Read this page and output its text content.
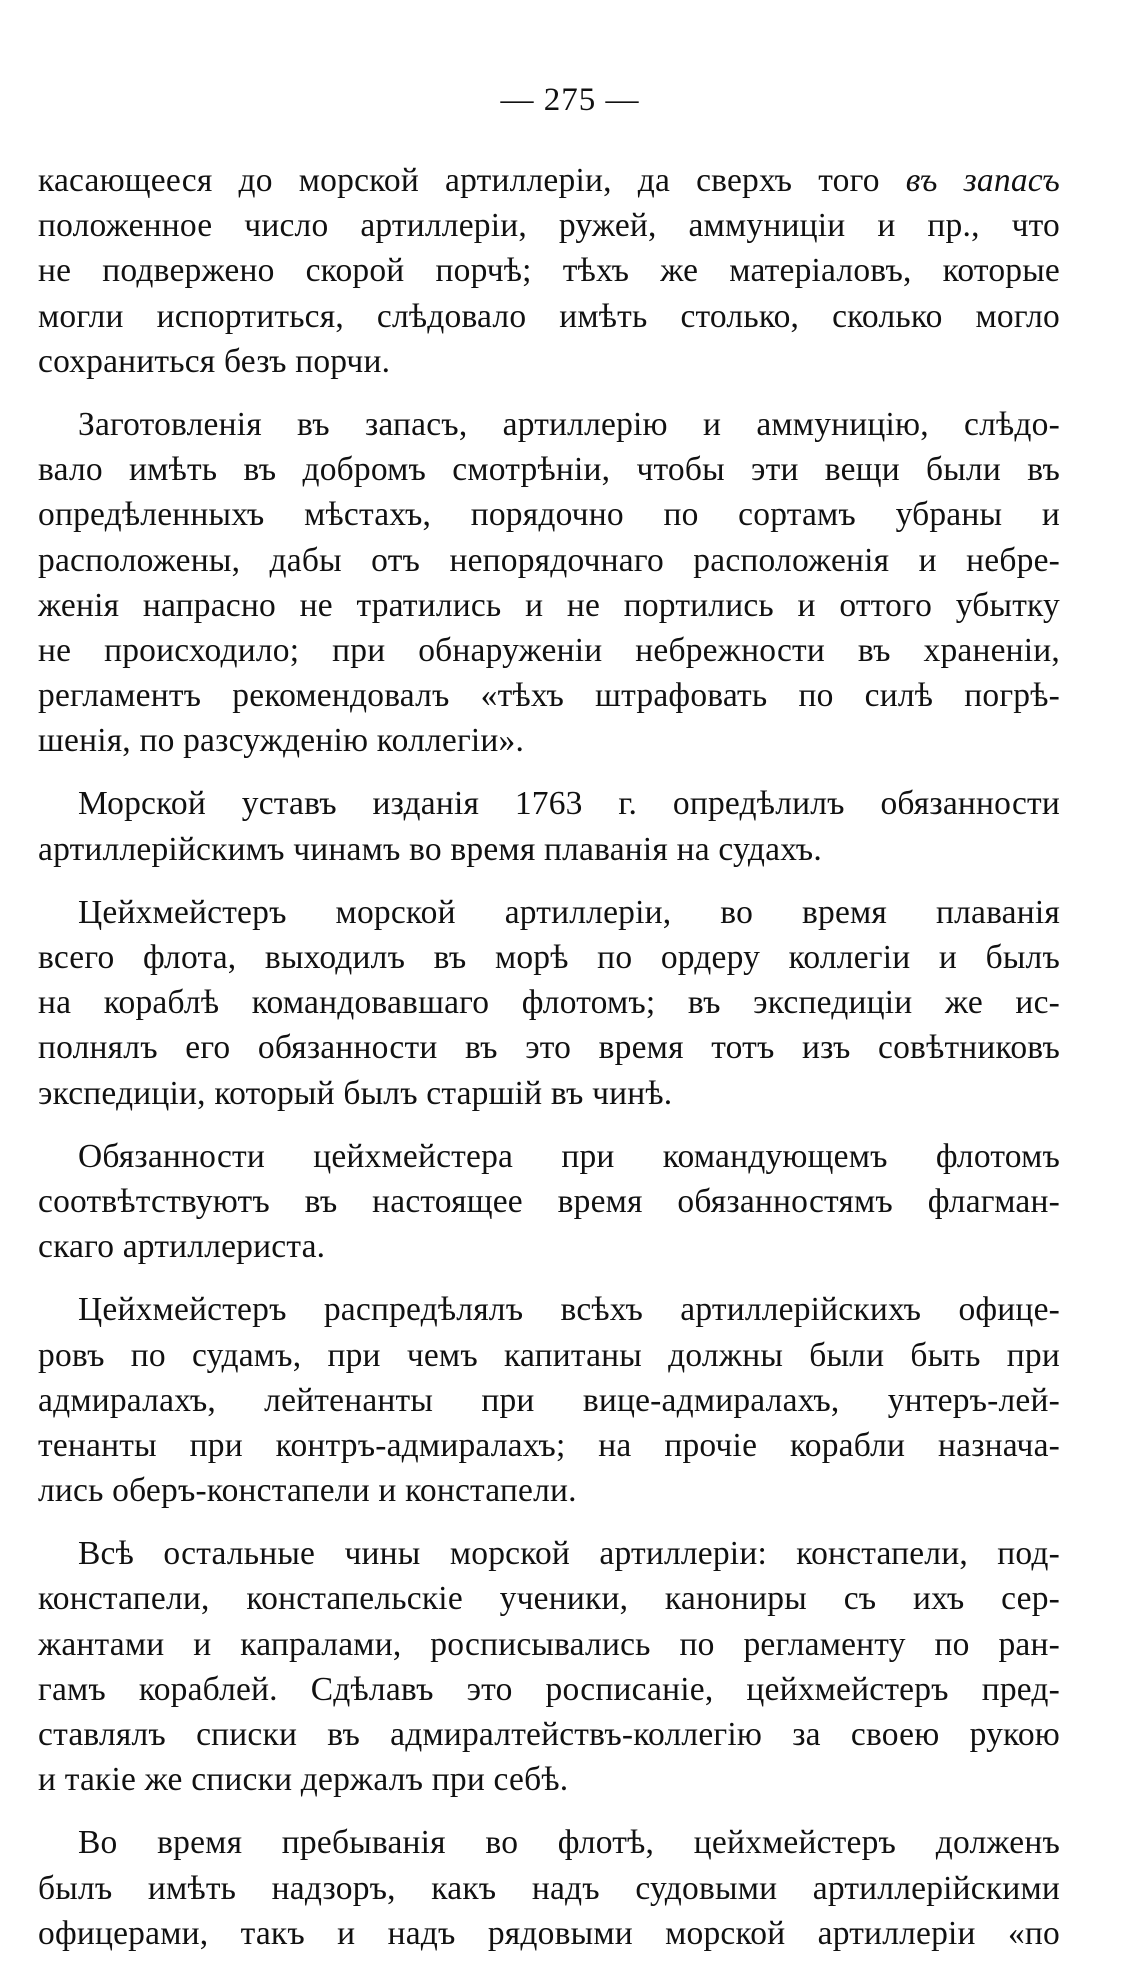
— 275 —
касающееся до морской артиллеріи, да сверхъ того въ запасъ
положенное число артиллеріи, ружей, аммуниціи и пр., что
не подвержено скорой порчѣ; тѣхъ же матеріаловъ, которые
могли испортиться, слѣдовало имѣть столько, сколько могло
сохраниться безъ порчи.
Заготовленія въ запасъ, артиллерію и аммуницію, слѣдо-
вало имѣть въ добромъ смотрѣніи, чтобы эти вещи были въ
опредѣленныхъ мѣстахъ, порядочно по сортамъ убраны и
расположены, дабы отъ непорядочнаго расположенія и небре-
женія напрасно не тратились и не портились и оттого убытку
не происходило; при обнаруженіи небрежности въ храненіи,
регламентъ рекомендовалъ «тѣхъ штрафовать по силѣ погрѣ-
шенія, по разсужденію коллегіи».
Морской уставъ изданія 1763 г. опредѣлилъ обязанности
артиллерійскимъ чинамъ во время плаванія на судахъ.
Цейхмейстеръ морской артиллеріи, во время плаванія
всего флота, выходилъ въ морѣ по ордеру коллегіи и былъ
на кораблѣ командовавшаго флотомъ; въ экспедиціи же ис-
полнялъ его обязанности въ это время тотъ изъ совѣтниковъ
экспедиціи, который былъ старшій въ чинѣ.
Обязанности цейхмейстера при командующемъ флотомъ
соотвѣтствуютъ въ настоящее время обязанностямъ флагман-
скаго артиллериста.
Цейхмейстеръ распредѣлялъ всѣхъ артиллерійскихъ офице-
ровъ по судамъ, при чемъ капитаны должны были быть при
адмиралахъ, лейтенанты при вице-адмиралахъ, унтеръ-лей-
тенанты при контръ-адмиралахъ; на прочіе корабли назнача-
лись оберъ-констапели и констапели.
Всѣ остальные чины морской артиллеріи: констапели, под-
констапели, констапельскіе ученики, канониры съ ихъ сер-
жантами и капралами, росписывались по регламенту по ран-
гамъ кораблей. Сдѣлавъ это росписаніе, цейхмейстеръ пред-
ставлялъ списки въ адмиралтействъ-коллегію за своею рукою
и такіе же списки держалъ при себѣ.
Во время пребыванія во флотѣ, цейхмейстеръ долженъ
былъ имѣть надзоръ, какъ надъ судовыми артиллерійскими
офицерами, такъ и надъ рядовыми морской артиллеріи «по
